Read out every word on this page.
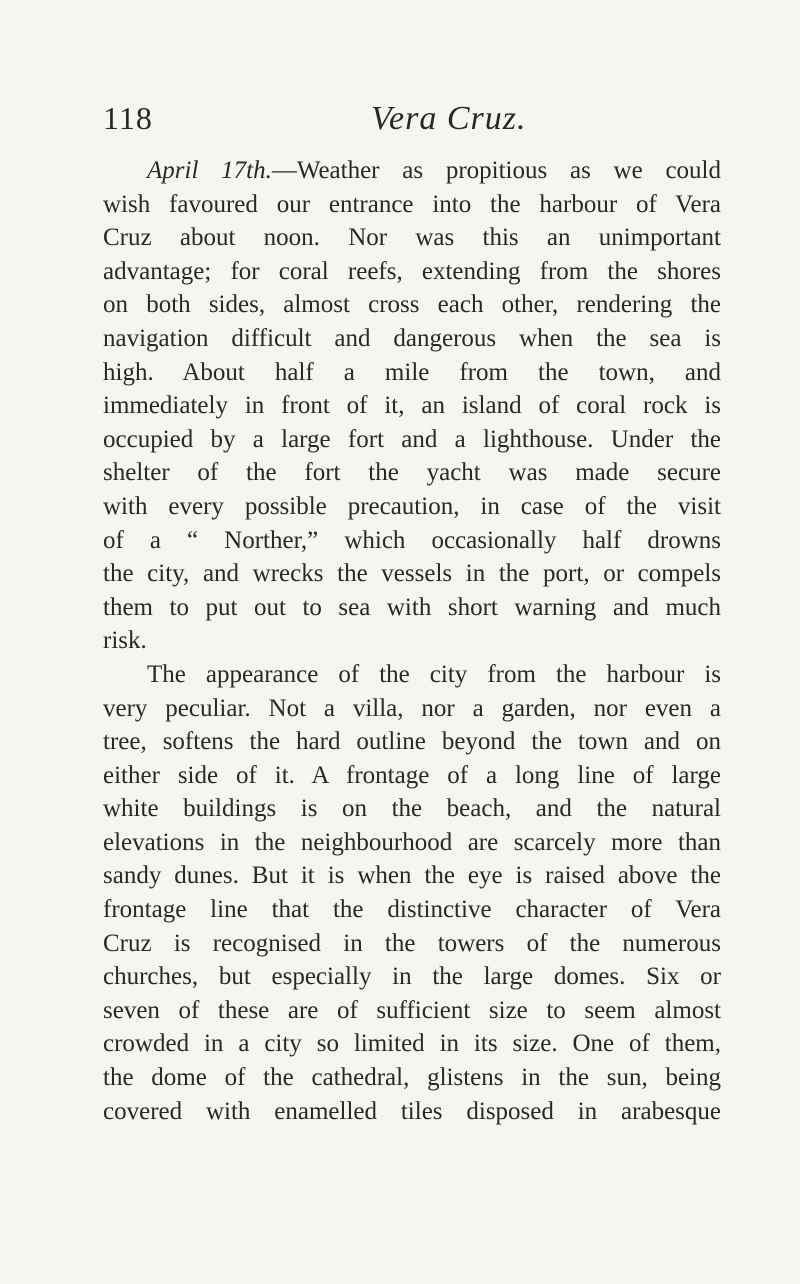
118	Vera Cruz.
April 17th.—Weather as propitious as we could
wish favoured our entrance into the harbour of Vera
Cruz about noon. Nor was this an unimportant
advantage; for coral reefs, extending from the shores
on both sides, almost cross each other, rendering the
navigation difficult and dangerous when the sea is
high. About half a mile from the town, and
immediately in front of it, an island of coral rock is
occupied by a large fort and a lighthouse. Under the
shelter of the fort the yacht was made secure
with every possible precaution, in case of the visit
of a “ Norther,” which occasionally half drowns
the city, and wrecks the vessels in the port, or compels
them to put out to sea with short warning and much
risk.
The appearance of the city from the harbour is
very peculiar. Not a villa, nor a garden, nor even a
tree, softens the hard outline beyond the town and on
either side of it. A frontage of a long line of large
white buildings is on the beach, and the natural
elevations in the neighbourhood are scarcely more than
sandy dunes. But it is when the eye is raised above the
frontage line that the distinctive character of Vera
Cruz is recognised in the towers of the numerous
churches, but especially in the large domes. Six or
seven of these are of sufficient size to seem almost
crowded in a city so limited in its size. One of them,
the dome of the cathedral, glistens in the sun, being
covered with enamelled tiles disposed in arabesque
